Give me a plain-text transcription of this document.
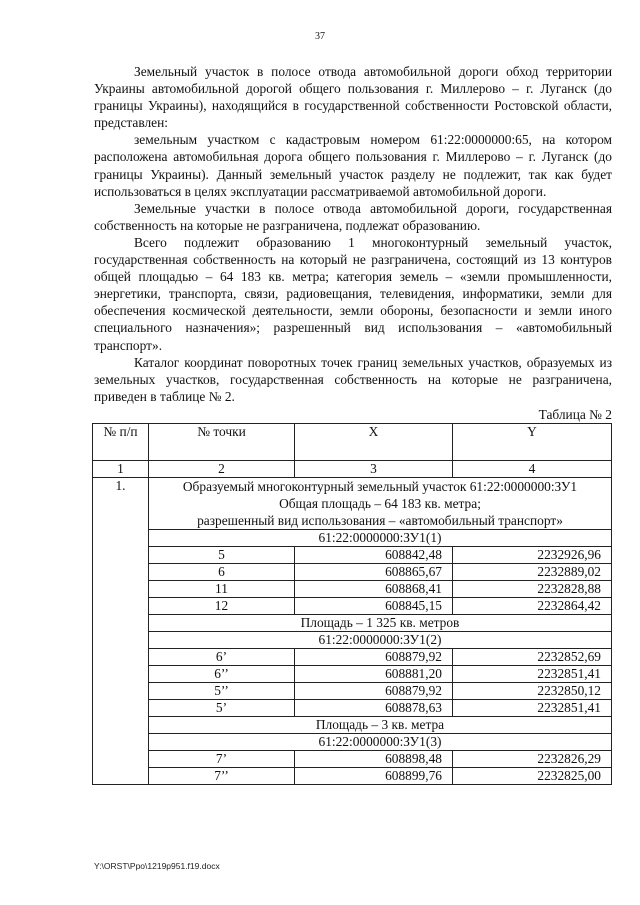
37

Земельный участок в полосе отвода автомобильной дороги обход территории Украины автомобильной дорогой общего пользования г. Миллерово – г. Луганск (до границы Украины), находящийся в государственной собственности Ростовской области, представлен:

земельным участком с кадастровым номером 61:22:0000000:65, на котором расположена автомобильная дорога общего пользования г. Миллерово – г. Луганск (до границы Украины). Данный земельный участок разделу не подлежит, так как будет использоваться в целях эксплуатации рассматриваемой автомобильной дороги.

Земельные участки в полосе отвода автомобильной дороги, государственная собственность на которые не разграничена, подлежат образованию.

Всего подлежит образованию 1 многоконтурный земельный участок, государственная собственность на который не разграничена, состоящий из 13 контуров общей площадью – 64 183 кв. метра; категория земель – «земли промышленности, энергетики, транспорта, связи, радиовещания, телевидения, информатики, земли для обеспечения космической деятельности, земли обороны, безопасности и земли иного специального назначения»; разрешенный вид использования – «автомобильный транспорт».

Каталог координат поворотных точек границ земельных участков, образуемых из земельных участков, государственная собственность на которые не разграничена, приведен в таблице № 2.

Таблица № 2
№ п/п	№ точки	X	Y
1	2	3	4
1.	Образуемый многоконтурный земельный участок 61:22:0000000:ЗУ1
Общая площадь – 64 183 кв. метра;
разрешенный вид использования – «автомобильный транспорт»		

	61:22:0000000:ЗУ1(1)		
	5	608842,48	2232926,96
	6	608865,67	2232889,02
	11	608868,41	2232828,88
	12	608845,15	2232864,42
	Площадь – 1 325 кв. метров		
	61:22:0000000:ЗУ1(2)		
	6’	608879,92	2232852,69
	6’’	608881,20	2232851,41
	5’’	608879,92	2232850,12
	5’	608878,63	2232851,41
	Площадь – 3 кв. метра		
	61:22:0000000:ЗУ1(3)		
	7’	608898,48	2232826,29
	7’’	608899,76	2232825,00
Y:\ORST\Ppo\1219p951.f19.docx
